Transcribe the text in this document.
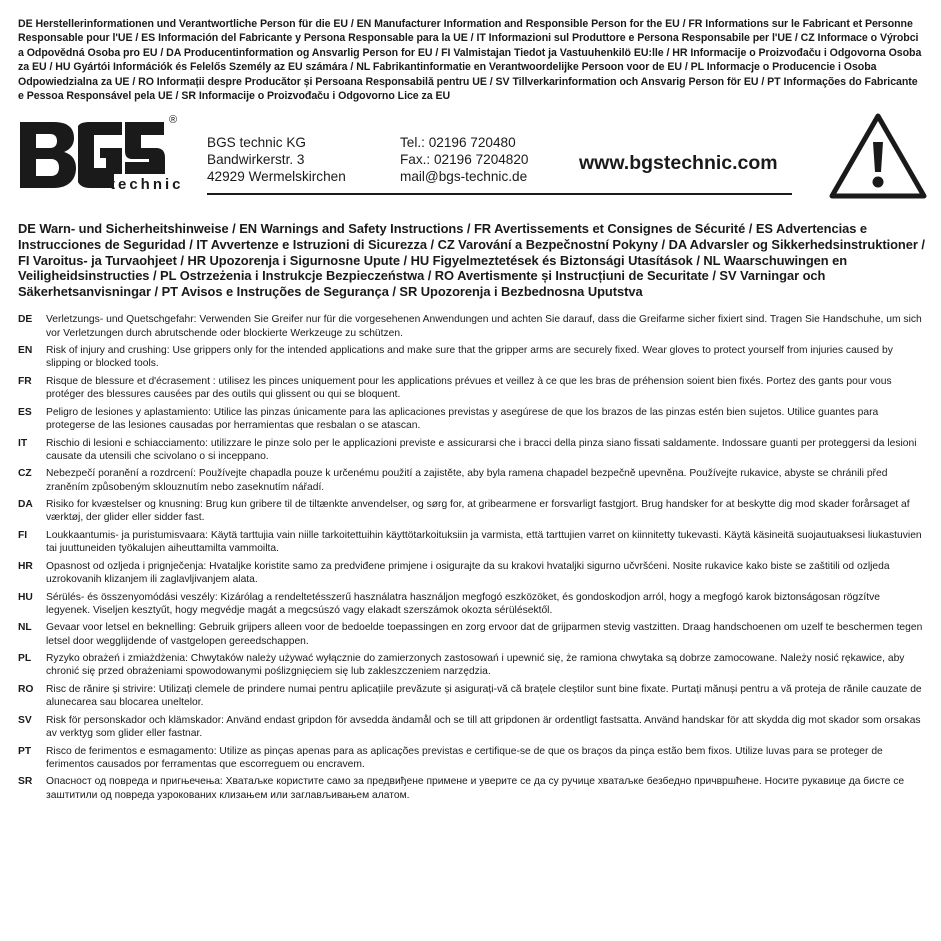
DE Herstellerinformationen und Verantwortliche Person für die EU / EN Manufacturer Information and Responsible Person for the EU / FR Informations sur le Fabricant et Personne Responsable pour l'UE / ES Información del Fabricante y Persona Responsable para la UE / IT Informazioni sul Produttore e Persona Responsabile per l'UE / CZ Informace o Výrobci a Odpovědná Osoba pro EU / DA Producentinformation og Ansvarlig Person for EU / FI Valmistajan Tiedot ja Vastuuhenkilö EU:lle / HR Informacije o Proizvođaču i Odgovorna Osoba za EU / HU Gyártói Információk és Felelős Személy az EU számára / NL Fabrikantinformatie en Verantwoordelijke Persoon voor de EU / PL Informacje o Producencie i Osoba Odpowiedzialna za UE / RO Informații despre Producător și Persoana Responsabilă pentru UE / SV Tillverkarinformation och Ansvarig Person för EU / PT Informações do Fabricante e Pessoa Responsável pela UE / SR Informacije o Proizvođaču i Odgovorno Lice za EU

®
technic
BGS technic KG
Bandwirkerstr. 3
42929 Wermelskirchen
Tel.: 02196 720480
Fax.: 02196 7204820
mail@bgs-technic.de
www.bgstechnic.com

DE Warn- und Sicherheitshinweise / EN Warnings and Safety Instructions / FR Avertissements et Consignes de Sécurité / ES Advertencias e Instrucciones de Seguridad / IT Avvertenze e Istruzioni di Sicurezza / CZ Varování a Bezpečnostní Pokyny / DA Advarsler og Sikkerhedsinstruktioner / FI Varoitus- ja Turvaohjeet / HR Upozorenja i Sigurnosne Upute / HU Figyelmeztetések és Biztonsági Utasítások / NL Waarschuwingen en Veiligheidsinstructies / PL Ostrzeżenia i Instrukcje Bezpieczeństwa / RO Avertismente și Instrucțiuni de Securitate / SV Varningar och Säkerhetsanvisningar / PT Avisos e Instruções de Segurança / SR Upozorenja i Bezbednosna Uputstva

DE	Verletzungs- und Quetschgefahr: Verwenden Sie Greifer nur für die vorgesehenen Anwendungen und achten Sie darauf, dass die Greifarme sicher fixiert sind. Tragen Sie Handschuhe, um sich vor Verletzungen durch abrutschende oder blockierte Werkzeuge zu schützen.
EN	Risk of injury and crushing: Use grippers only for the intended applications and make sure that the gripper arms are securely fixed. Wear gloves to protect yourself from injuries caused by slipping or blocked tools.
FR	Risque de blessure et d'écrasement : utilisez les pinces uniquement pour les applications prévues et veillez à ce que les bras de préhension soient bien fixés. Portez des gants pour vous protéger des blessures causées par des outils qui glissent ou qui se bloquent.
ES	Peligro de lesiones y aplastamiento: Utilice las pinzas únicamente para las aplicaciones previstas y asegúrese de que los brazos de las pinzas estén bien sujetos. Utilice guantes para protegerse de las lesiones causadas por herramientas que resbalan o se atascan.
IT	Rischio di lesioni e schiacciamento: utilizzare le pinze solo per le applicazioni previste e assicurarsi che i bracci della pinza siano fissati saldamente. Indossare guanti per proteggersi da lesioni causate da utensili che scivolano o si inceppano.
CZ	Nebezpečí poranění a rozdrcení: Používejte chapadla pouze k určenému použití a zajistěte, aby byla ramena chapadel bezpečně upevněna. Používejte rukavice, abyste se chránili před zraněním způsobeným sklouznutím nebo zaseknutím nářadí.
DA	Risiko for kvæstelser og knusning: Brug kun gribere til de tiltænkte anvendelser, og sørg for, at gribearmene er forsvarligt fastgjort. Brug handsker for at beskytte dig mod skader forårsaget af værktøj, der glider eller sidder fast.
FI	Loukkaantumis- ja puristumisvaara: Käytä tarttujia vain niille tarkoitettuihin käyttötarkoituksiin ja varmista, että tarttujien varret on kiinnitetty tukevasti. Käytä käsineitä suojautuaksesi liukastuvien tai juuttuneiden työkalujen aiheuttamilta vammoilta.
HR	Opasnost od ozljeda i prignječenja: Hvataljke koristite samo za predviđene primjene i osigurajte da su krakovi hvataljki sigurno učvršćeni. Nosite rukavice kako biste se zaštitili od ozljeda uzrokovanih klizanjem ili zaglavljivanjem alata.
HU	Sérülés- és összenyomódási veszély: Kizárólag a rendeltetésszerű használatra használjon megfogó eszközöket, és gondoskodjon arról, hogy a megfogó karok biztonságosan rögzítve legyenek. Viseljen kesztyűt, hogy megvédje magát a megcsúszó vagy elakadt szerszámok okozta sérülésektől.
NL	Gevaar voor letsel en beknelling: Gebruik grijpers alleen voor de bedoelde toepassingen en zorg ervoor dat de grijparmen stevig vastzitten. Draag handschoenen om uzelf te beschermen tegen letsel door wegglijdende of vastgelopen gereedschappen.
PL	Ryzyko obrażeń i zmiażdżenia: Chwytaków należy używać wyłącznie do zamierzonych zastosowań i upewnić się, że ramiona chwytaka są dobrze zamocowane. Należy nosić rękawice, aby chronić się przed obrażeniami spowodowanymi poślizgnięciem się lub zakleszczeniem narzędzia.
RO	Risc de rănire și strivire: Utilizați clemele de prindere numai pentru aplicațiile prevăzute și asigurați-vă că brațele cleștilor sunt bine fixate. Purtați mănuși pentru a vă proteja de rănile cauzate de alunecarea sau blocarea uneltelor.
SV	Risk för personskador och klämskador: Använd endast gripdon för avsedda ändamål och se till att gripdonen är ordentligt fastsatta. Använd handskar för att skydda dig mot skador som orsakas av verktyg som glider eller fastnar.
PT	Risco de ferimentos e esmagamento: Utilize as pinças apenas para as aplicações previstas e certifique-se de que os braços da pinça estão bem fixos. Utilize luvas para se proteger de ferimentos causados por ferramentas que escorreguem ou encravem.
SR	Опасност од повреда и пригњечења: Хватаљке користите само за предвиђене примене и уверите се да су ручице хватаљке безбедно причвршћене. Носите рукавице да бисте се заштитили од повреда узрокованих клизањем или заглављивањем алатом.
